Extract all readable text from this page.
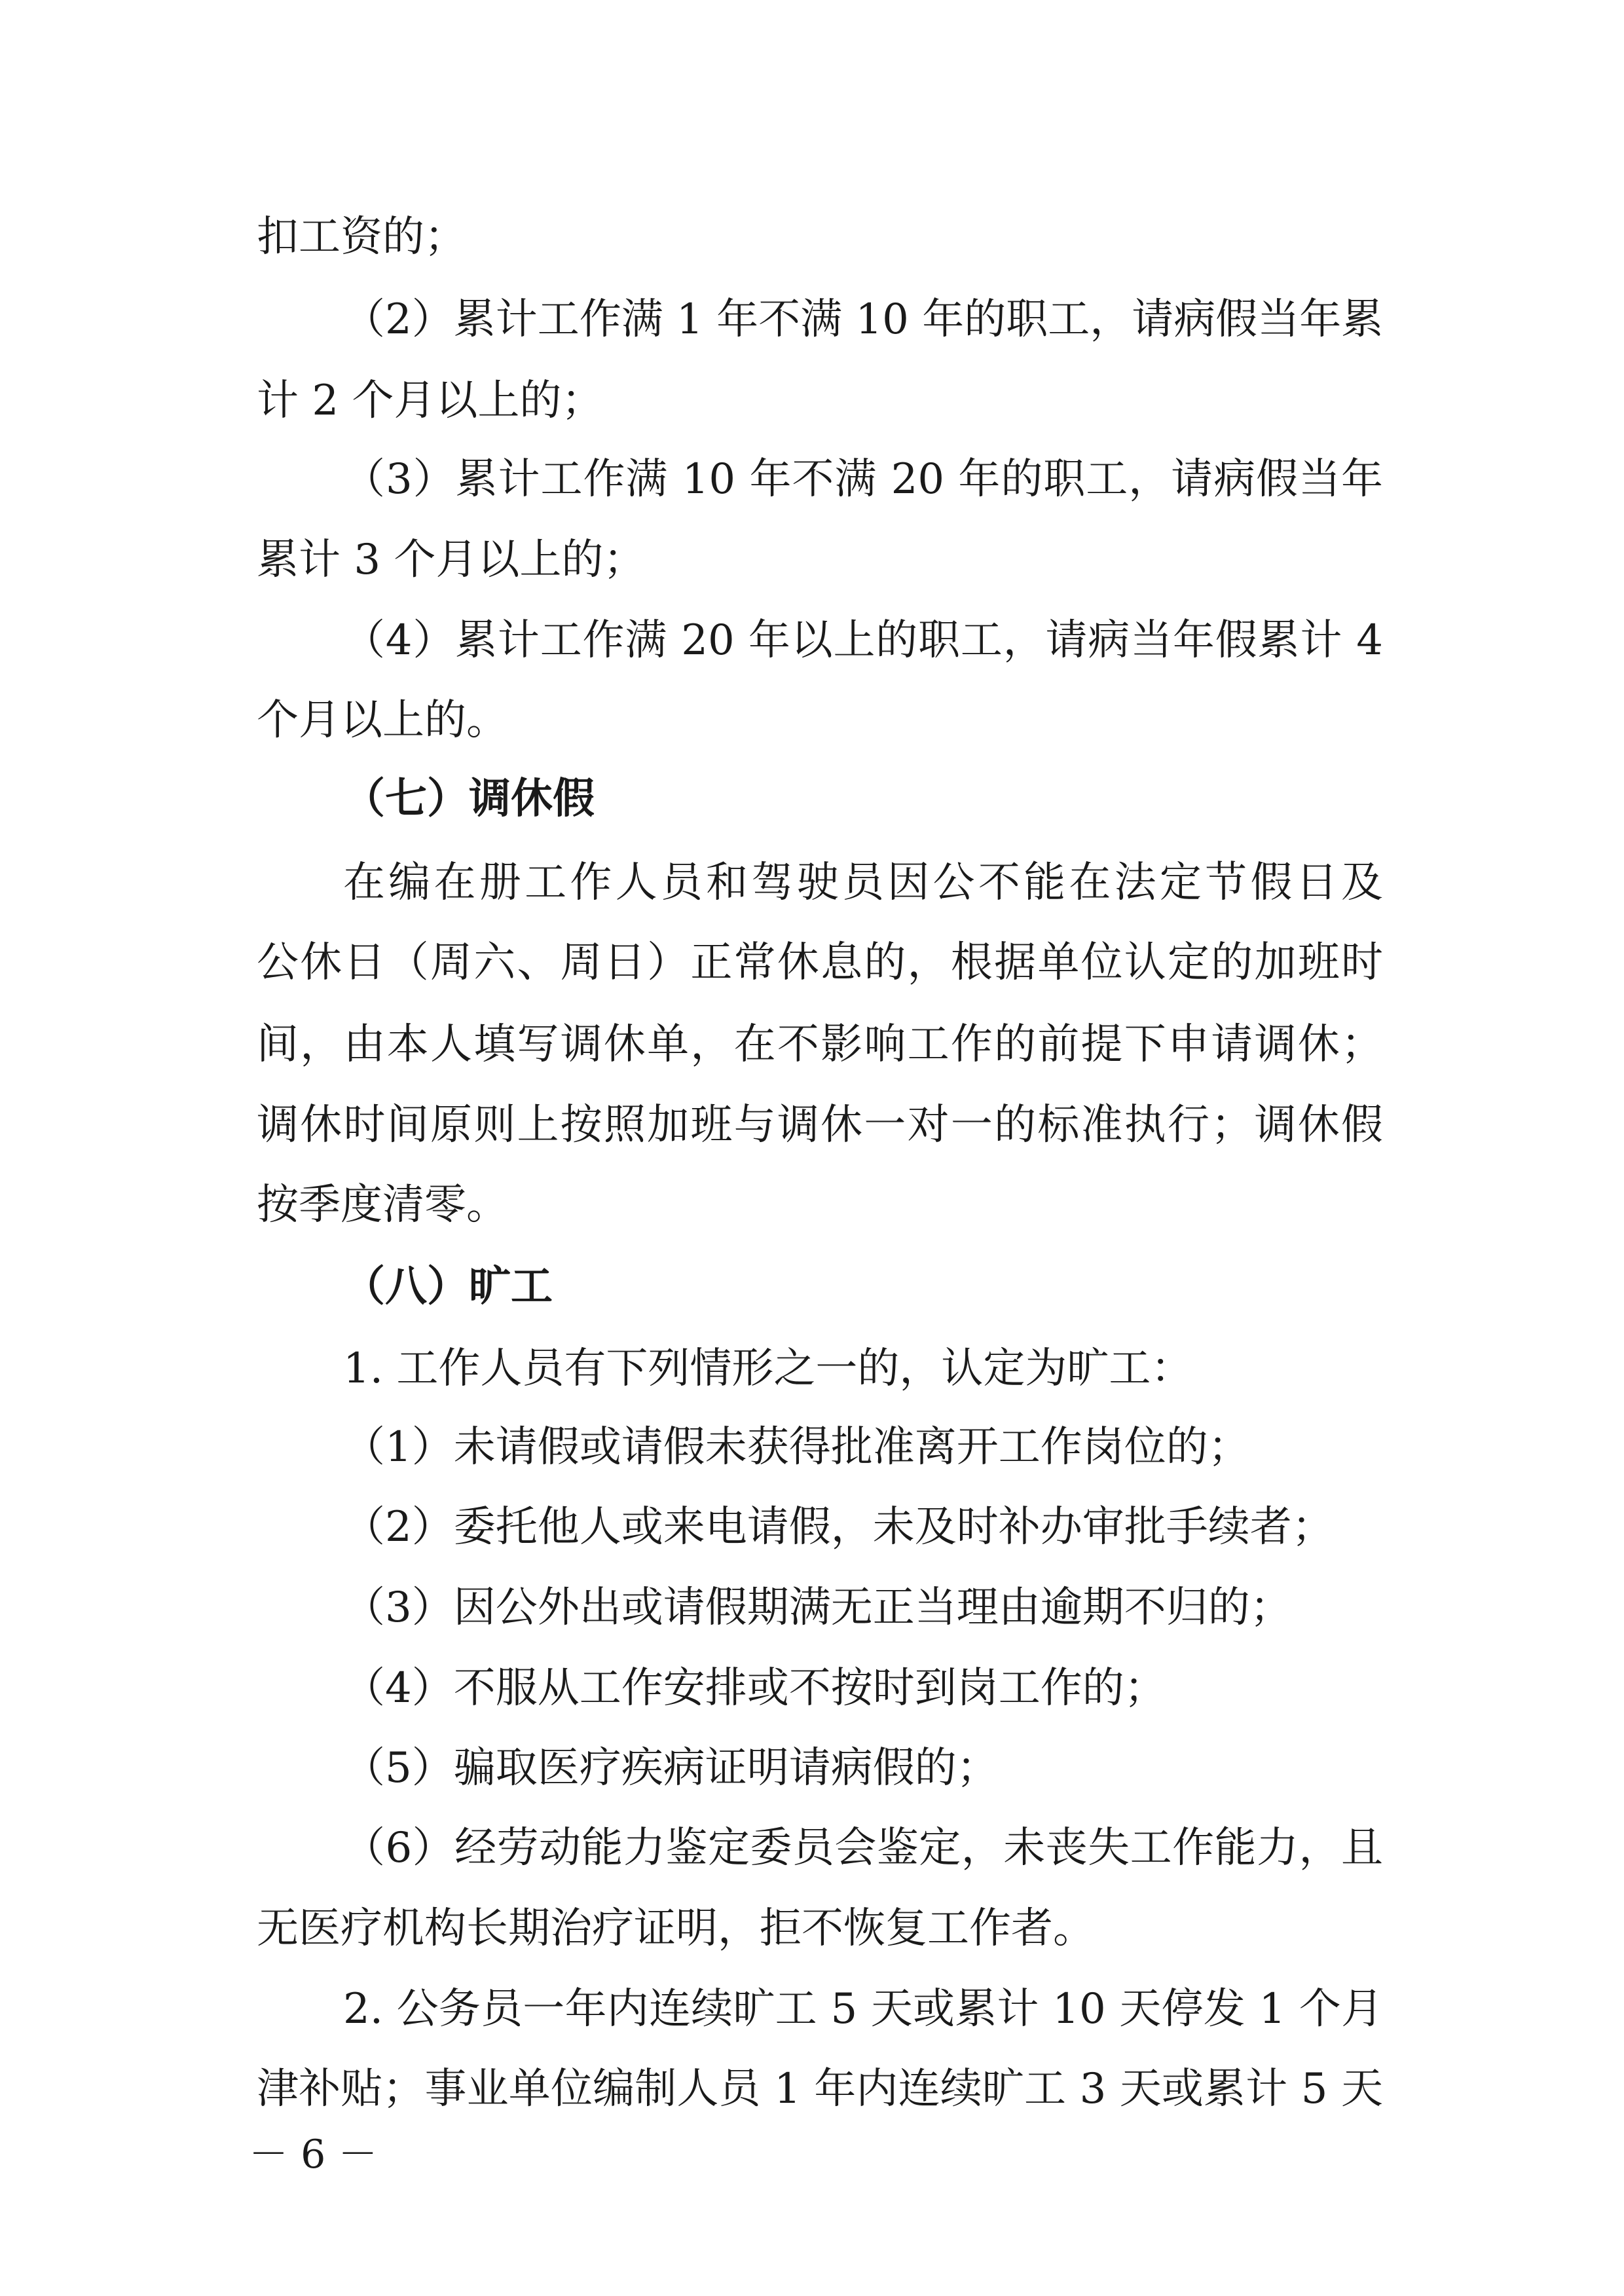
扣工资的；

（2）累计工作满 1 年不满 10 年的职工，请病假当年累

计 2 个月以上的；

（3）累计工作满 10 年不满 20 年的职工，请病假当年

累计 3 个月以上的；

（4）累计工作满 20 年以上的职工，请病当年假累计 4

个月以上的。

（七）调休假

在编在册工作人员和驾驶员因公不能在法定节假日及

公休日（周六、周日）正常休息的，根据单位认定的加班时

间，由本人填写调休单，在不影响工作的前提下申请调休；

调休时间原则上按照加班与调休一对一的标准执行；调休假

按季度清零。

（八）旷工

1. 工作人员有下列情形之一的，认定为旷工：

（1）未请假或请假未获得批准离开工作岗位的；

（2）委托他人或来电请假，未及时补办审批手续者；

（3）因公外出或请假期满无正当理由逾期不归的；

（4）不服从工作安排或不按时到岗工作的；

（5）骗取医疗疾病证明请病假的；

（6）经劳动能力鉴定委员会鉴定，未丧失工作能力，且

无医疗机构长期治疗证明，拒不恢复工作者。

2. 公务员一年内连续旷工 5 天或累计 10 天停发 1 个月

津补贴；事业单位编制人员 1 年内连续旷工 3 天或累计 5 天

－ 6 －
